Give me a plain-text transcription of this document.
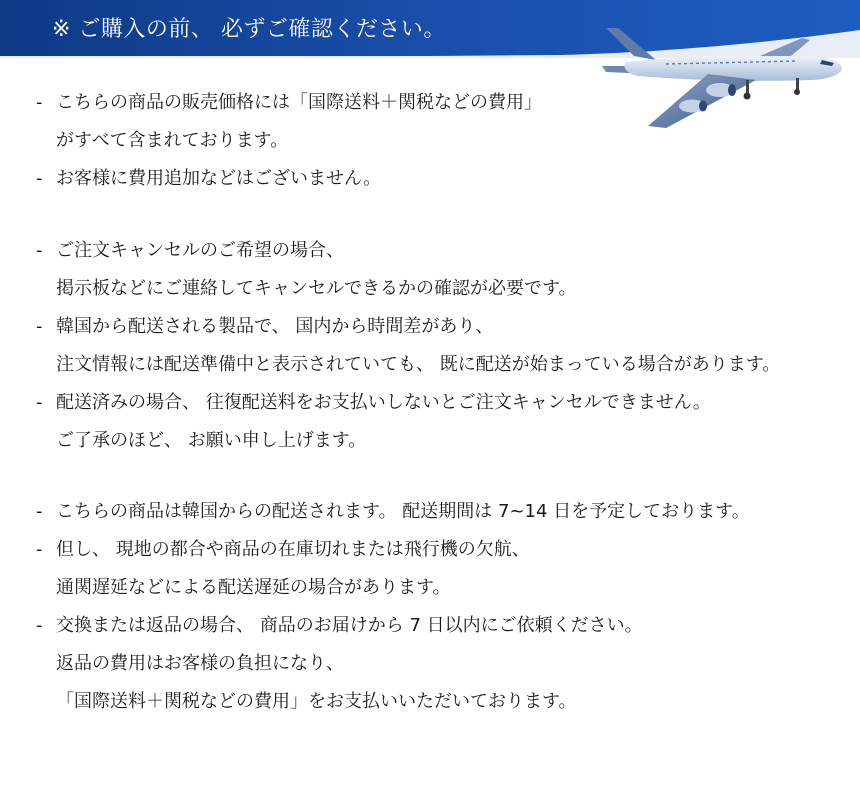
※ ご購入の前、 必ずご確認ください。
- こちらの商品の販売価格には「国際送料＋関税などの費用」
がすべて含まれております。
- お客様に費用追加などはございません。
- ご注文キャンセルのご希望の場合、
掲示板などにご連絡してキャンセルできるかの確認が必要です。
- 韓国から配送される製品で、 国内から時間差があり、
注文情報には配送準備中と表示されていても、 既に配送が始まっている場合があります。
- 配送済みの場合、 往復配送料をお支払いしないとご注文キャンセルできません。
ご了承のほど、 お願い申し上げます。
- こちらの商品は韓国からの配送されます。 配送期間は 7~14 日を予定しております。
- 但し、 現地の都合や商品の在庫切れまたは飛行機の欠航、
通関遅延などによる配送遅延の場合があります。
- 交換または返品の場合、 商品のお届けから 7 日以内にご依頼ください。
返品の費用はお客様の負担になり、
「国際送料＋関税などの費用」をお支払いいただいております。
